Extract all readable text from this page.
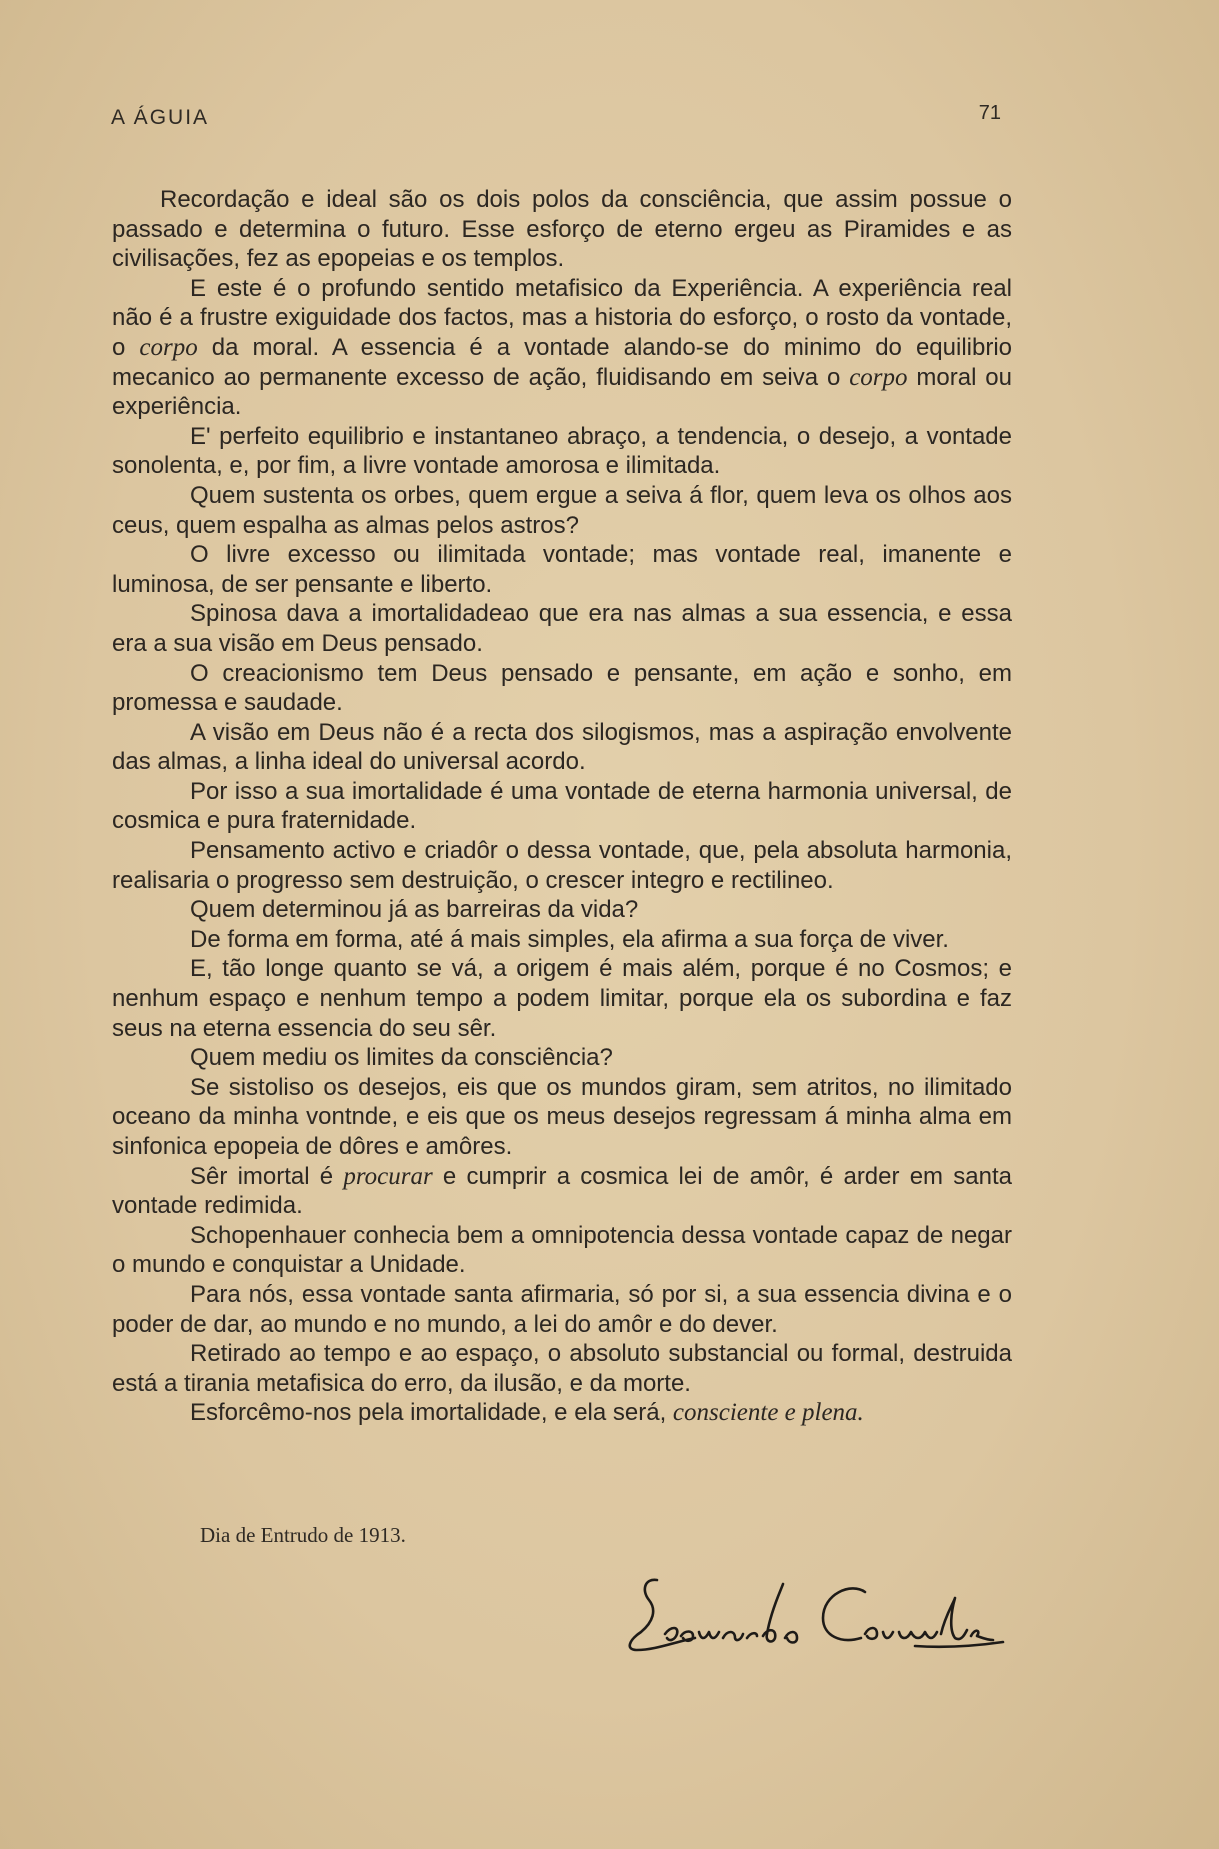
A ÁGUIA	71

Recordação e ideal são os dois polos da consciência, que assim possue o passado e determina o futuro. Esse esforço de eterno ergeu as Piramides e as civilisações, fez as epopeias e os templos.

E este é o profundo sentido metafisico da Experiência. A experiência real não é a frustre exiguidade dos factos, mas a historia do esforço, o rosto da vontade, o corpo da moral. A essencia é a vontade alando-se do minimo do equilibrio mecanico ao permanente excesso de ação, fluidisando em seiva o corpo moral ou experiência.

E' perfeito equilibrio e instantaneo abraço, a tendencia, o desejo, a vontade sonolenta, e, por fim, a livre vontade amorosa e ilimitada.

Quem sustenta os orbes, quem ergue a seiva á flor, quem leva os olhos aos ceus, quem espalha as almas pelos astros?

O livre excesso ou ilimitada vontade; mas vontade real, imanente e luminosa, de ser pensante e liberto.

Spinosa dava a imortalidadeao que era nas almas a sua essencia, e essa era a sua visão em Deus pensado.

O creacionismo tem Deus pensado e pensante, em ação e sonho, em promessa e saudade.

A visão em Deus não é a recta dos silogismos, mas a aspiração envolvente das almas, a linha ideal do universal acordo.

Por isso a sua imortalidade é uma vontade de eterna harmonia universal, de cosmica e pura fraternidade.

Pensamento activo e criadôr o dessa vontade, que, pela absoluta harmonia, realisaria o progresso sem destruição, o crescer integro e rectilineo.

Quem determinou já as barreiras da vida?

De forma em forma, até á mais simples, ela afirma a sua força de viver.

E, tão longe quanto se vá, a origem é mais além, porque é no Cosmos; e nenhum espaço e nenhum tempo a podem limitar, porque ela os subordina e faz seus na eterna essencia do seu sêr.

Quem mediu os limites da consciência?

Se sistoliso os desejos, eis que os mundos giram, sem atritos, no ilimitado oceano da minha vontnde, e eis que os meus desejos regressam á minha alma em sinfonica epopeia de dôres e amôres.

Sêr imortal é procurar e cumprir a cosmica lei de amôr, é arder em santa vontade redimida.

Schopenhauer conhecia bem a omnipotencia dessa vontade capaz de negar o mundo e conquistar a Unidade.

Para nós, essa vontade santa afirmaria, só por si, a sua essencia divina e o poder de dar, ao mundo e no mundo, a lei do amôr e do dever.

Retirado ao tempo e ao espaço, o absoluto substancial ou formal, destruida está a tirania metafisica do erro, da ilusão, e da morte.

Esforcêmo-nos pela imortalidade, e ela será, consciente e plena.

Dia de Entrudo de 1913.
